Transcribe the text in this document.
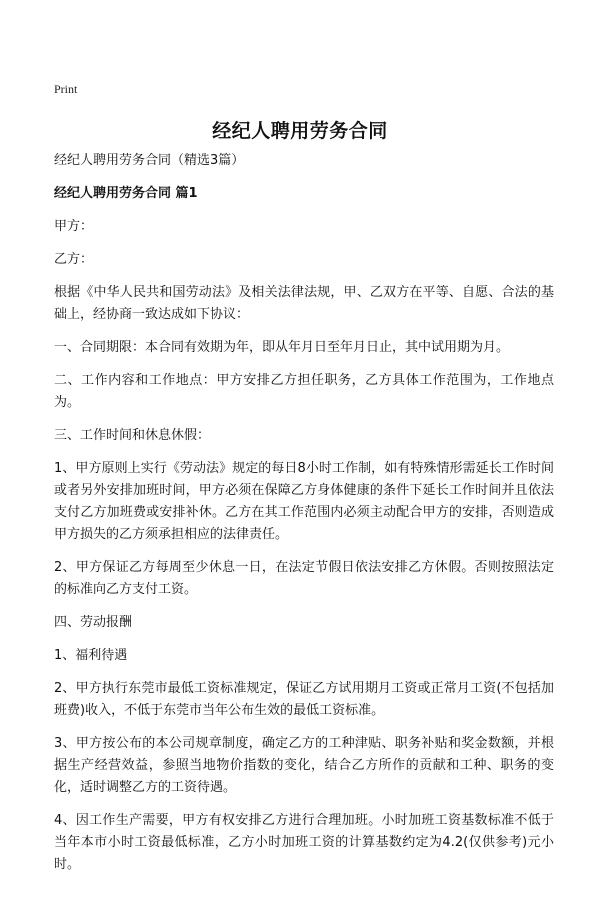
Print
经纪人聘用劳务合同

经纪人聘用劳务合同（精选3篇）

经纪人聘用劳务合同 篇1

甲方：

乙方：

根据《中华人民共和国劳动法》及相关法律法规，甲、乙双方在平等、自愿、合法的基础上，经协商一致达成如下协议：

一、合同期限：本合同有效期为年，即从年月日至年月日止，其中试用期为月。

二、工作内容和工作地点：甲方安排乙方担任职务，乙方具体工作范围为，工作地点为。

三、工作时间和休息休假：

1、甲方原则上实行《劳动法》规定的每日8小时工作制，如有特殊情形需延长工作时间或者另外安排加班时间，甲方必须在保障乙方身体健康的条件下延长工作时间并且依法支付乙方加班费或安排补休。乙方在其工作范围内必须主动配合甲方的安排，否则造成甲方损失的乙方须承担相应的法律责任。

2、甲方保证乙方每周至少休息一日，在法定节假日依法安排乙方休假。否则按照法定的标准向乙方支付工资。

四、劳动报酬

1、福利待遇

2、甲方执行东莞市最低工资标准规定，保证乙方试用期月工资或正常月工资(不包括加班费)收入，不低于东莞市当年公布生效的最低工资标准。

3、甲方按公布的本公司规章制度，确定乙方的工种津贴、职务补贴和奖金数额，并根据生产经营效益，参照当地物价指数的变化，结合乙方所作的贡献和工种、职务的变化，适时调整乙方的工资待遇。

4、因工作生产需要，甲方有权安排乙方进行合理加班。小时加班工资基数标准不低于当年本市小时工资最低标准，乙方小时加班工资的计算基数约定为4.2(仅供参考)元小时。
